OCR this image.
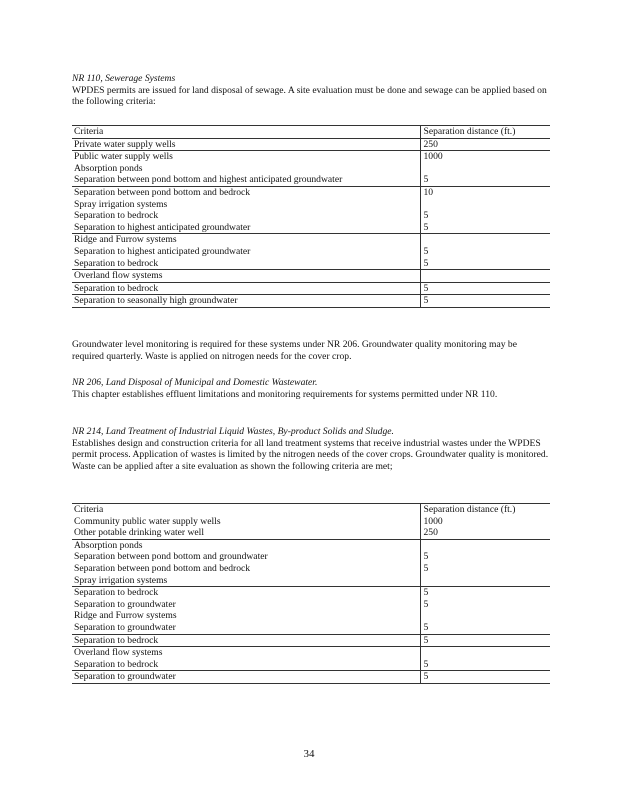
NR 110, Sewerage Systems

WPDES permits are issued for land disposal of sewage. A site evaluation must be done and sewage can be applied based on the following criteria:

Criteria	Separation distance (ft.)
Private water supply wells	250
Public water supply wells	1000
Absorption ponds	
Separation between pond bottom and highest anticipated groundwater	5
Separation between pond bottom and bedrock	10
Spray irrigation systems	
Separation to bedrock	5
Separation to highest anticipated groundwater	5
Ridge and Furrow systems	
Separation to highest anticipated groundwater	5
Separation to bedrock	5
Overland flow systems	
Separation to bedrock	5
Separation to seasonally high groundwater	5

Groundwater level monitoring is required for these systems under NR 206. Groundwater quality monitoring may be required quarterly. Waste is applied on nitrogen needs for the cover crop.

NR 206, Land Disposal of Municipal and Domestic Wastewater.

This chapter establishes effluent limitations and monitoring requirements for systems permitted under NR 110.

NR 214, Land Treatment of Industrial Liquid Wastes, By-product Solids and Sludge.

Establishes design and construction criteria for all land treatment systems that receive industrial wastes under the WPDES permit process. Application of wastes is limited by the nitrogen needs of the cover crops. Groundwater quality is monitored. Waste can be applied after a site evaluation as shown the following criteria are met;

Criteria	Separation distance (ft.)
Community public water supply wells	1000
Other potable drinking water well	250
Absorption ponds	
Separation between pond bottom and groundwater	5
Separation between pond bottom and bedrock	5
Spray irrigation systems	
Separation to bedrock	5
Separation to groundwater	5
Ridge and Furrow systems	
Separation to groundwater	5
Separation to bedrock	5
Overland flow systems	
Separation to bedrock	5
Separation to groundwater	5
34
